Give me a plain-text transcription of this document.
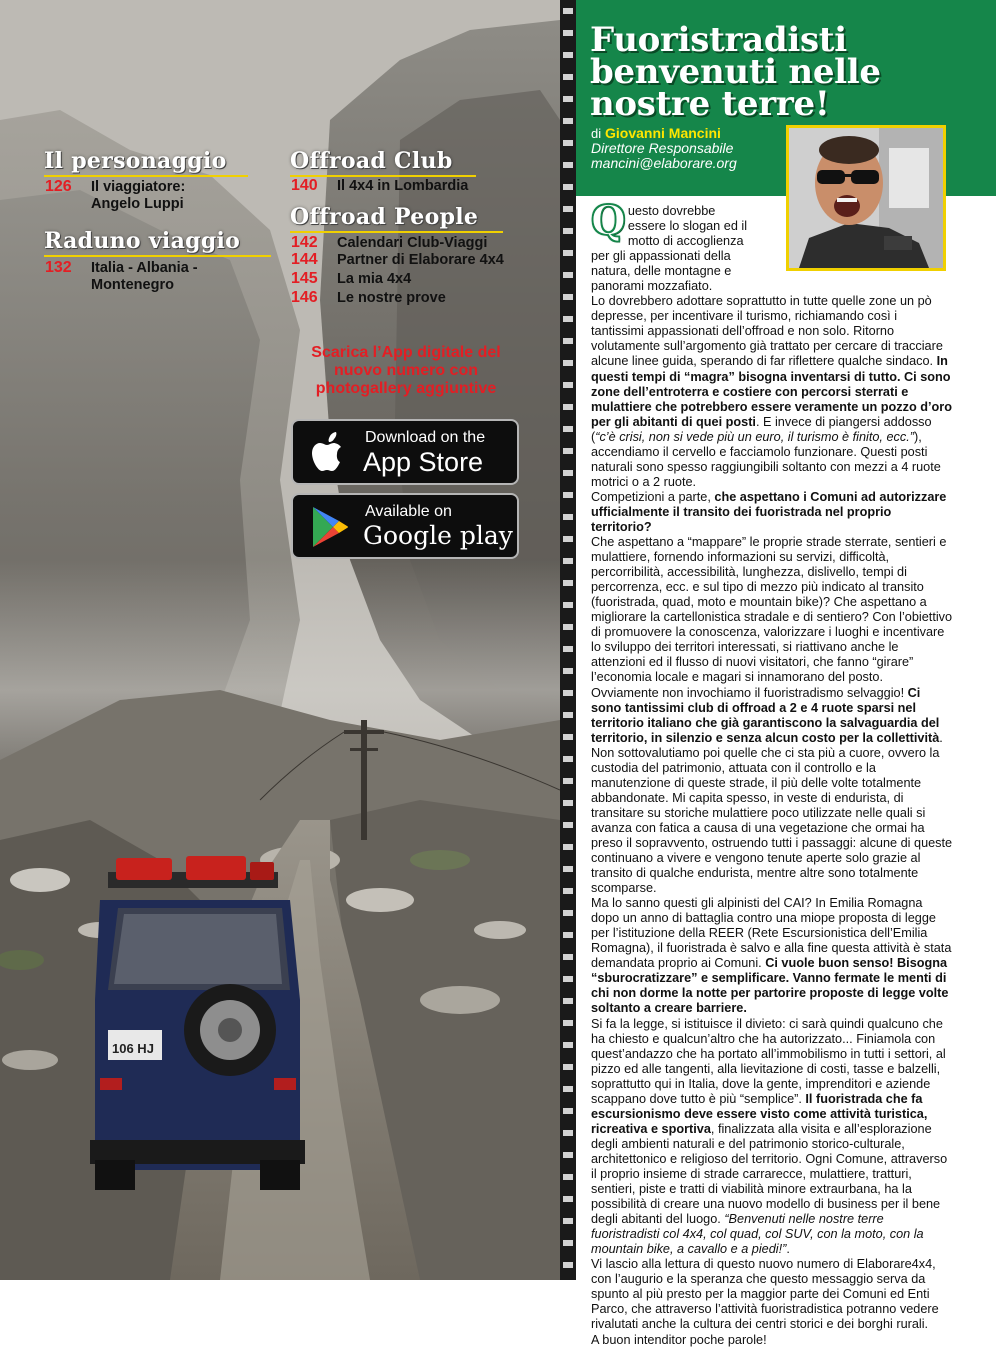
106 HJ
Il personaggio
126 Il viaggiatore:
Angelo Luppi
Raduno viaggio
132 Italia - Albania -
Montenegro
Offroad Club
140 Il 4x4 in Lombardia
Offroad People
142 Calendari Club-Viaggi
144 Partner di Elaborare 4x4
145 La mia 4x4
146 Le nostre prove
Scarica l’App digitale del nuovo numero con photogallery aggiuntive
Download on the
App Store
Available on
Google play
Fuoristradisti benvenuti nelle nostre terre!
di Giovanni Mancini
Direttore Responsabile
mancini@elaborare.org

Questo dovrebbe essere lo slogan ed il motto di accoglienza per gli appassionati della natura, delle montagne e panorami mozzafiato.

Lo dovrebbero adottare soprattutto in tutte quelle zone un pò depresse, per incentivare il turismo, richiamando così i tantissimi appassionati dell’offroad e non solo. Ritorno volutamente sull’argomento già trattato per cercare di tracciare alcune linee guida, sperando di far riflettere qualche sindaco. In questi tempi di “magra” bisogna inventarsi di tutto. Ci sono zone dell’entroterra e costiere con percorsi sterrati e mulattiere che potrebbero essere veramente un pozzo d’oro per gli abitanti di quei posti. E invece di piangersi addosso (“c’è crisi, non si vede più un euro, il turismo è finito, ecc.”), accendiamo il cervello e facciamolo funzionare. Questi posti naturali sono spesso raggiungibili soltanto con mezzi a 4 ruote motrici o a 2 ruote.

Competizioni a parte, che aspettano i Comuni ad autorizzare ufficialmente il transito dei fuoristrada nel proprio territorio?

Che aspettano a “mappare” le proprie strade sterrate, sentieri e mulattiere, fornendo informazioni su servizi, difficoltà, percorribilità, accessibilità, lunghezza, dislivello, tempi di percorrenza, ecc. e sul tipo di mezzo più indicato al transito (fuoristrada, quad, moto e mountain bike)? Che aspettano a migliorare la cartellonistica stradale e di sentiero? Con l’obiettivo di promuovere la conoscenza, valorizzare i luoghi e incentivare lo sviluppo dei territori interessati, si riattivano anche le attenzioni ed il flusso di nuovi visitatori, che fanno “girare” l’economia locale e magari si innamorano del posto. Ovviamente non invochiamo il fuoristradismo selvaggio! Ci sono tantissimi club di offroad a 2 e 4 ruote sparsi nel territorio italiano che già garantiscono la salvaguardia del territorio, in silenzio e senza alcun costo per la collettività. Non sottovalutiamo poi quelle che ci sta più a cuore, ovvero la custodia del patrimonio, attuata con il controllo e la manutenzione di queste strade, il più delle volte totalmente abbandonate. Mi capita spesso, in veste di endurista, di transitare su storiche mulattiere poco utilizzate nelle quali si avanza con fatica a causa di una vegetazione che ormai ha preso il sopravvento, ostruendo tutti i passaggi: alcune di queste continuano a vivere e vengono tenute aperte solo grazie al transito di qualche endurista, mentre altre sono totalmente scomparse.

Ma lo sanno questi gli alpinisti del CAI? In Emilia Romagna dopo un anno di battaglia contro una miope proposta di legge per l’istituzione della REER (Rete Escursionistica dell’Emilia Romagna), il fuoristrada è salvo e alla fine questa attività è stata demandata proprio ai Comuni. Ci vuole buon senso! Bisogna “sburocratizzare” e semplificare. Vanno fermate le menti di chi non dorme la notte per partorire proposte di legge volte soltanto a creare barriere.

Si fa la legge, si istituisce il divieto: ci sarà quindi qualcuno che ha chiesto e qualcun’altro che ha autorizzato... Finiamola con quest’andazzo che ha portato all’immobilismo in tutti i settori, al pizzo ed alle tangenti, alla lievitazione di costi, tasse e balzelli, soprattutto qui in Italia, dove la gente, imprenditori e aziende scappano dove tutto è più “semplice”. Il fuoristrada che fa escursionismo deve essere visto come attività turistica, ricreativa e sportiva, finalizzata alla visita e all’esplorazione degli ambienti naturali e del patrimonio storico-culturale, architettonico e religioso del territorio. Ogni Comune, attraverso il proprio insieme di strade carrarecce, mulattiere, tratturi, sentieri, piste e tratti di viabilità minore extraurbana, ha la possibilità di creare una nuovo modello di business per il bene degli abitanti del luogo. “Benvenuti nelle nostre terre fuoristradisti col 4x4, col quad, col SUV, con la moto, con la mountain bike, a cavallo e a piedi!”.

Vi lascio alla lettura di questo nuovo numero di Elaborare4x4, con l’augurio e la speranza che questo messaggio serva da spunto al più presto per la maggior parte dei Comuni ed Enti Parco, che attraverso l’attività fuoristradistica potranno vedere rivalutati anche la cultura dei centri storici e dei borghi rurali.

A buon intenditor poche parole!
